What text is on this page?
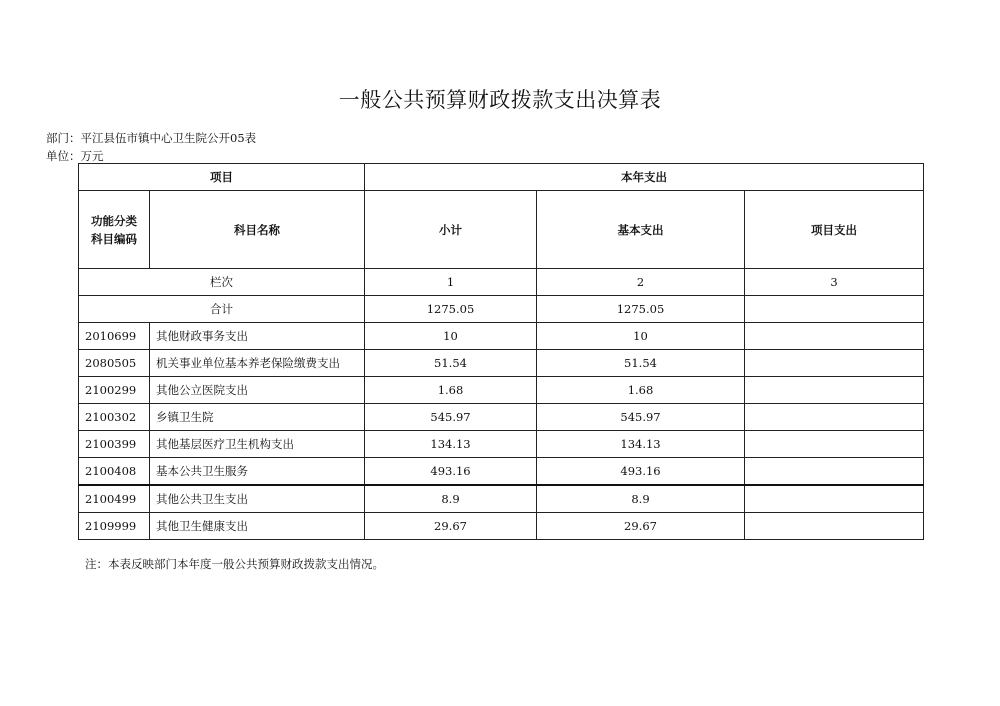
一般公共预算财政拨款支出决算表
部门：平江县伍市镇中心卫生院公开05表
单位：万元
项目		本年支出		

功能分类
科目编码	科目名称	小计	基本支出	项目支出
栏次		1	2	3
合计		1275.05	1275.05	
2010699	其他财政事务支出	10	10	
2080505	机关事业单位基本养老保险缴费支出	51.54	51.54	
2100299	其他公立医院支出	1.68	1.68	
2100302	乡镇卫生院	545.97	545.97	
2100399	其他基层医疗卫生机构支出	134.13	134.13	
2100408	基本公共卫生服务	493.16	493.16	
2100499	其他公共卫生支出	8.9	8.9	
2109999	其他卫生健康支出	29.67	29.67	
注：本表反映部门本年度一般公共预算财政拨款支出情况。
